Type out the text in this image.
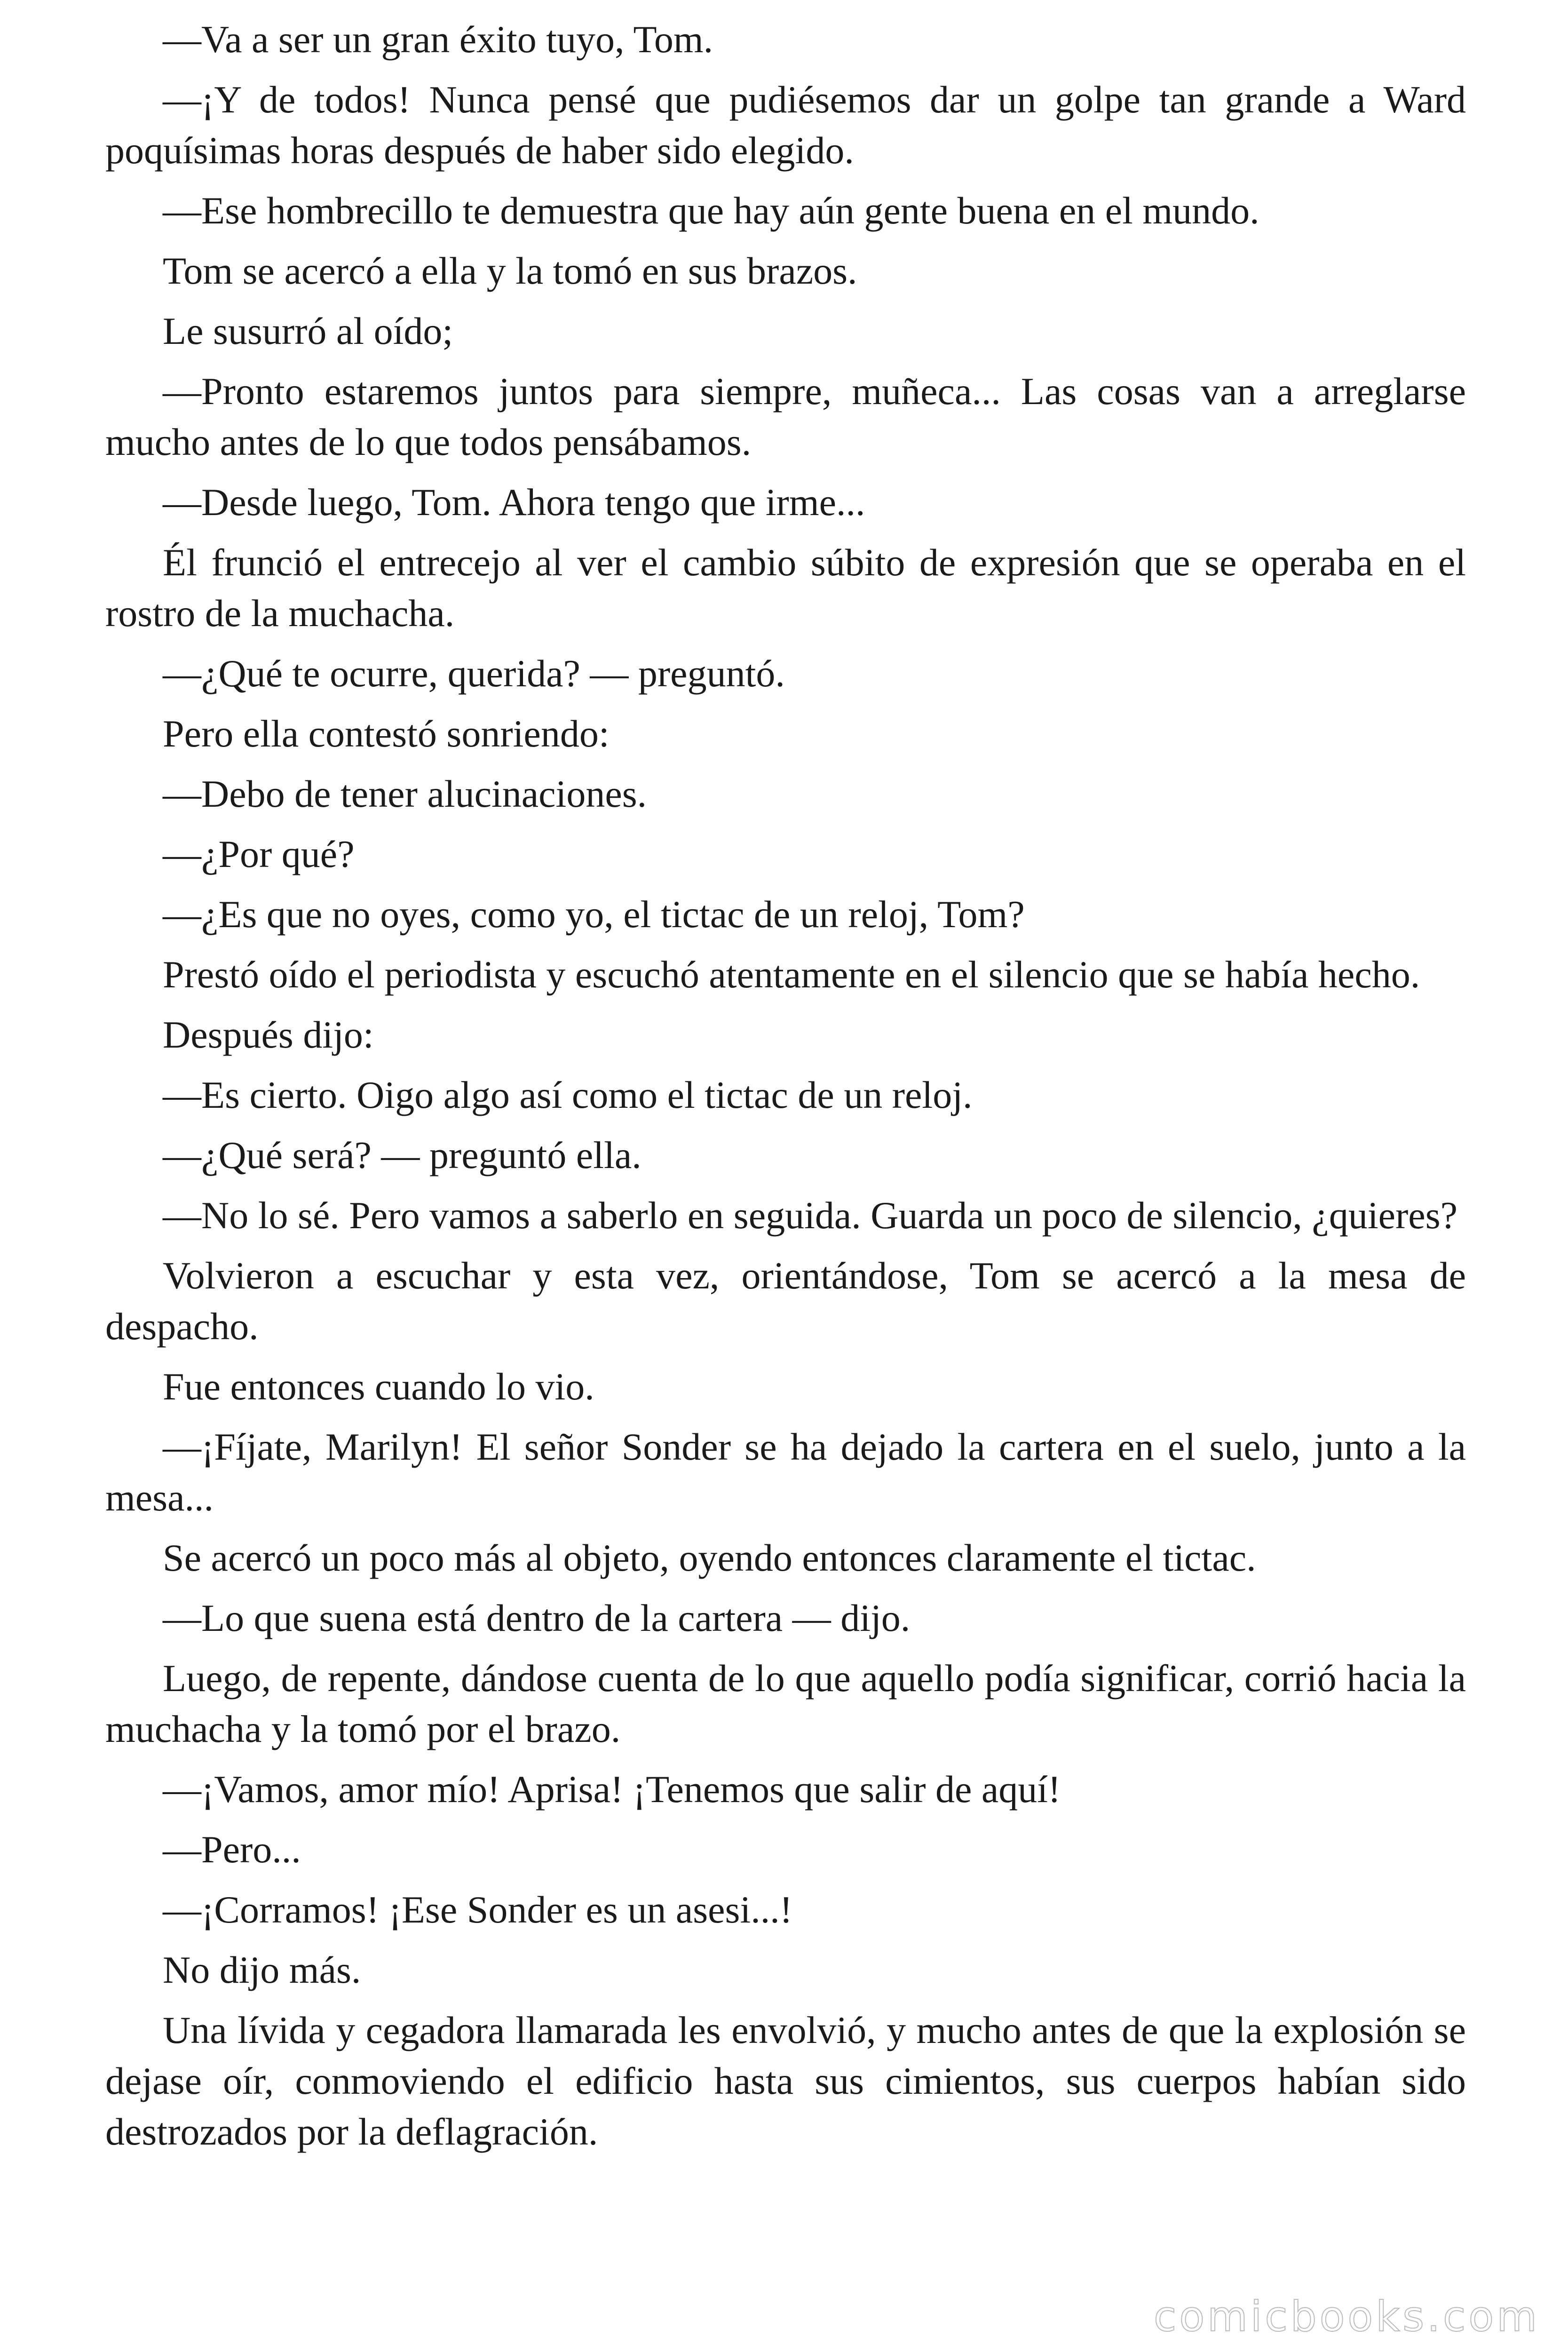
—Va a ser un gran éxito tuyo, Tom.

—¡Y de todos! Nunca pensé que pudiésemos dar un golpe tan grande a Ward poquísimas horas después de haber sido elegido.

—Ese hombrecillo te demuestra que hay aún gente buena en el mundo.

Tom se acercó a ella y la tomó en sus brazos.

Le susurró al oído;

—Pronto estaremos juntos para siempre, muñeca... Las cosas van a arreglarse mucho antes de lo que todos pensábamos.

—Desde luego, Tom. Ahora tengo que irme...

Él frunció el entrecejo al ver el cambio súbito de expresión que se operaba en el rostro de la muchacha.

—¿Qué te ocurre, querida? — preguntó.

Pero ella contestó sonriendo:

—Debo de tener alucinaciones.

—¿Por qué?

—¿Es que no oyes, como yo, el tictac de un reloj, Tom?

Prestó oído el periodista y escuchó atentamente en el silencio que se había hecho.

Después dijo:

—Es cierto. Oigo algo así como el tictac de un reloj.

—¿Qué será? — preguntó ella.

—No lo sé. Pero vamos a saberlo en seguida. Guarda un poco de silencio, ¿quieres?

Volvieron a escuchar y esta vez, orientándose, Tom se acercó a la mesa de despacho.

Fue entonces cuando lo vio.

—¡Fíjate, Marilyn! El señor Sonder se ha dejado la cartera en el suelo, junto a la mesa...

Se acercó un poco más al objeto, oyendo entonces claramente el tictac.

—Lo que suena está dentro de la cartera — dijo.

Luego, de repente, dándose cuenta de lo que aquello podía significar, corrió hacia la muchacha y la tomó por el brazo.

—¡Vamos, amor mío! Aprisa! ¡Tenemos que salir de aquí!

—Pero...

—¡Corramos! ¡Ese Sonder es un asesi...!

No dijo más.

Una lívida y cegadora llamarada les envolvió, y mucho antes de que la explosión se dejase oír, conmoviendo el edificio hasta sus cimientos, sus cuerpos habían sido destrozados por la deflagración.

comicbooks.com
